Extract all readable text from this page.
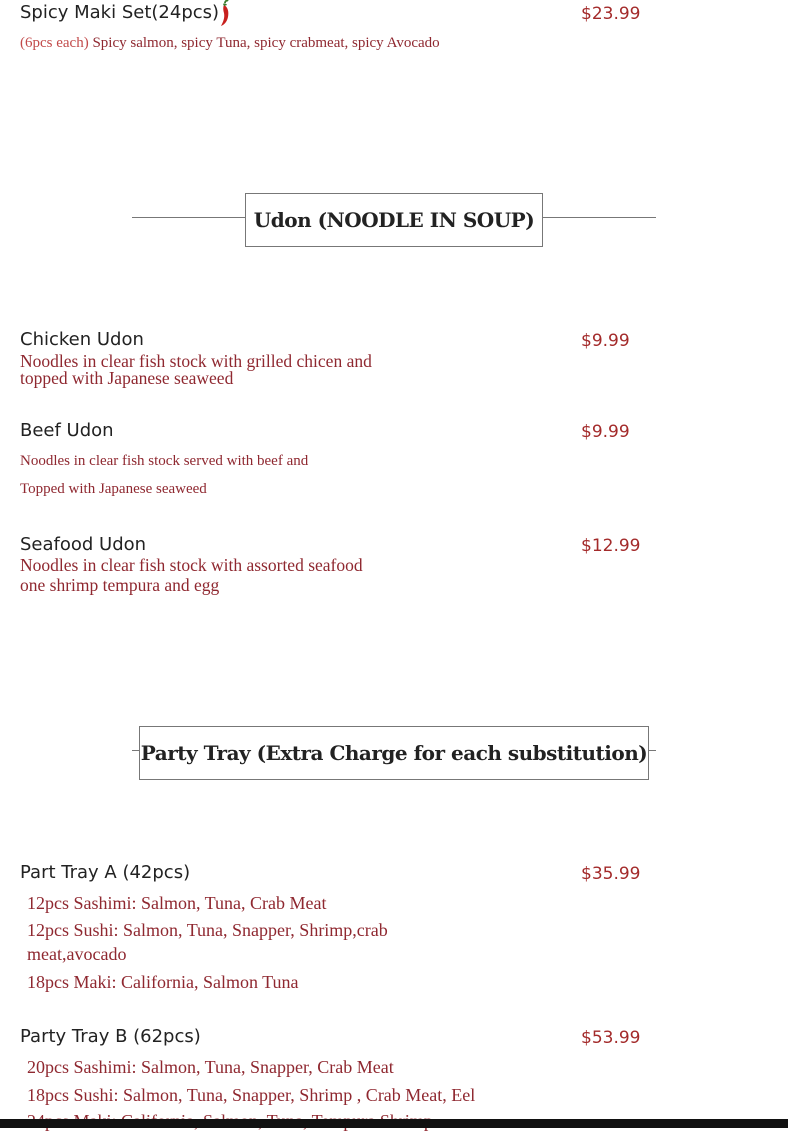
Spicy Maki Set(24pcs)	$23.99
(6pcs each) Spicy salmon, spicy Tuna, spicy crabmeat, spicy Avocado
Udon (NOODLE IN SOUP)
Chicken Udon	$9.99
Noodles in clear fish stock with grilled chicen and topped with Japanese seaweed
Beef Udon	$9.99
Noodles in clear fish stock served with beef and
Topped with Japanese seaweed
Seafood Udon	$12.99
Noodles in clear fish stock with assorted seafood one shrimp tempura and egg
Party Tray (Extra Charge for each substitution)
Part Tray A (42pcs)	$35.99
12pcs Sashimi: Salmon, Tuna, Crab Meat
12pcs Sushi: Salmon, Tuna, Snapper, Shrimp,crab meat,avocado
18pcs Maki: California, Salmon Tuna
Party Tray B (62pcs)	$53.99
20pcs Sashimi: Salmon, Tuna, Snapper, Crab Meat
18pcs Sushi: Salmon, Tuna, Snapper, Shrimp , Crab Meat, Eel
